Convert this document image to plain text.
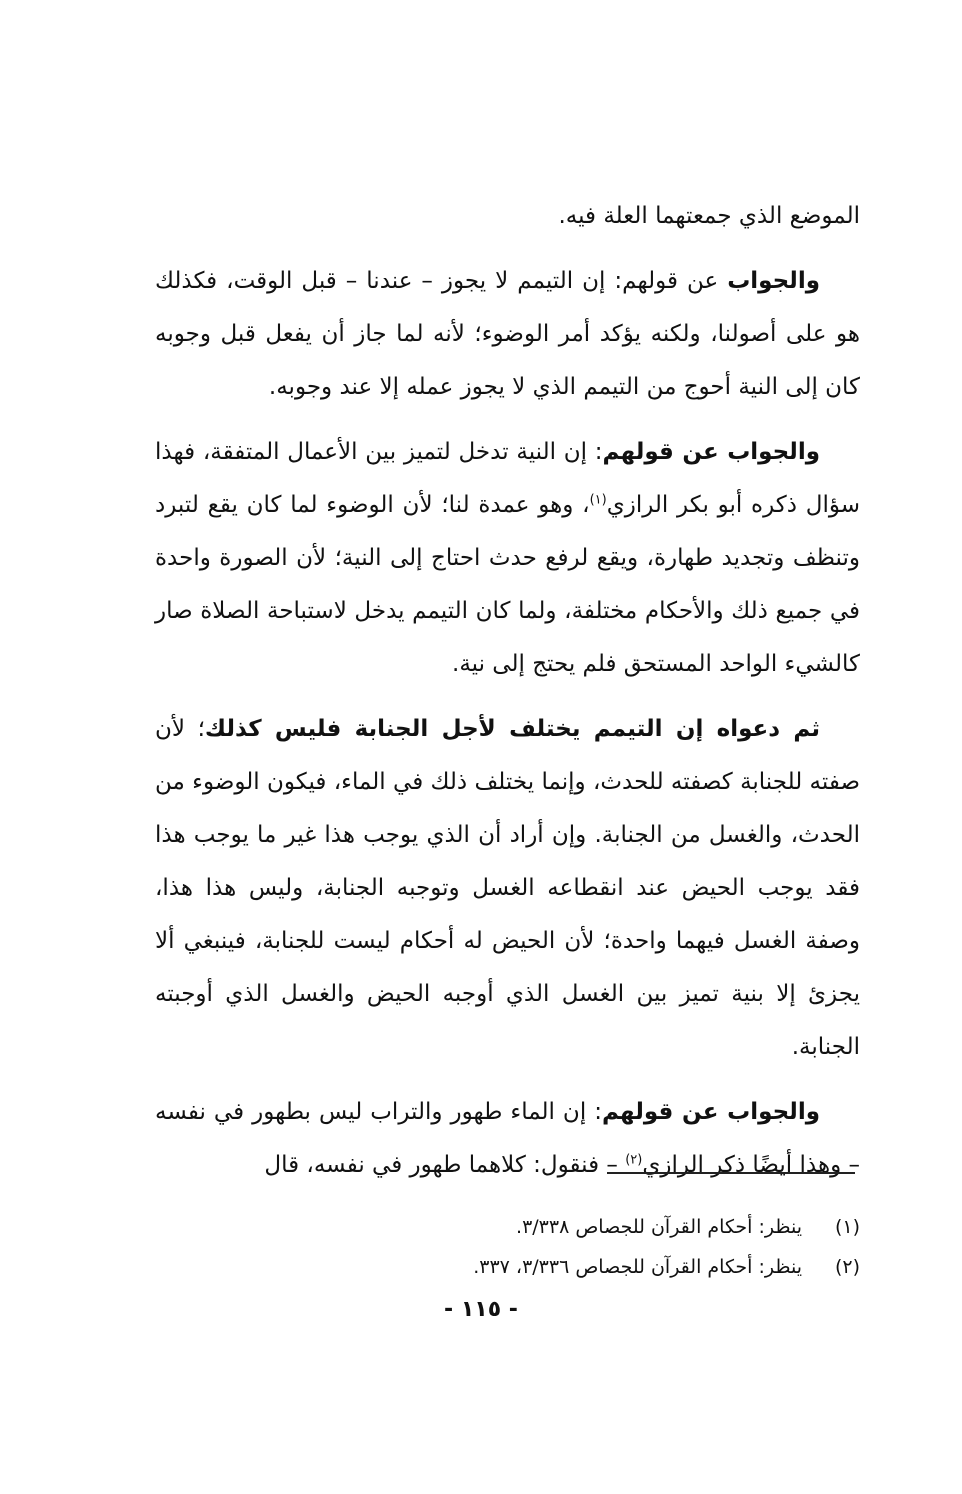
الموضع الذي جمعتهما العلة فيه.

والجواب عن قولهم: إن التيمم لا يجوز – عندنا – قبل الوقت، فكذلك هو على أصولنا، ولكنه يؤكد أمر الوضوء؛ لأنه لما جاز أن يفعل قبل وجوبه كان إلى النية أحوج من التيمم الذي لا يجوز عمله إلا عند وجوبه.

والجواب عن قولهم: إن النية تدخل لتميز بين الأعمال المتفقة، فهذا سؤال ذكره أبو بكر الرازي$^{(١)}$، وهو عمدة لنا؛ لأن الوضوء لما كان يقع لتبرد وتنظف وتجديد طهارة، ويقع لرفع حدث احتاج إلى النية؛ لأن الصورة واحدة في جميع ذلك والأحكام مختلفة، ولما كان التيمم يدخل لاستباحة الصلاة صار كالشيء الواحد المستحق فلم يحتج إلى نية.

ثم دعواه إن التيمم يختلف لأجل الجنابة فليس كذلك؛ لأن صفته للجنابة كصفته للحدث، وإنما يختلف ذلك في الماء، فيكون الوضوء من الحدث، والغسل من الجنابة. وإن أراد أن الذي يوجب هذا غير ما يوجب هذا فقد يوجب الحيض عند انقطاعه الغسل وتوجبه الجنابة، وليس هذا هذا، وصفة الغسل فيهما واحدة؛ لأن الحيض له أحكام ليست للجنابة، فينبغي ألا يجزئ إلا بنية تميز بين الغسل الذي أوجبه الحيض والغسل الذي أوجبته الجنابة.

والجواب عن قولهم: إن الماء طهور والتراب ليس بطهور في نفسه – وهذا أيضًا ذكر الرازي$^{(٢)}$ – فنقول: كلاهما طهور في نفسه، قال

(١)
ينظر: أحكام القرآن للجصاص ٣/٣٣٨.
(٢)
ينظر: أحكام القرآن للجصاص ٣/٣٣٦، ٣٣٧.
- ١١٥ -
